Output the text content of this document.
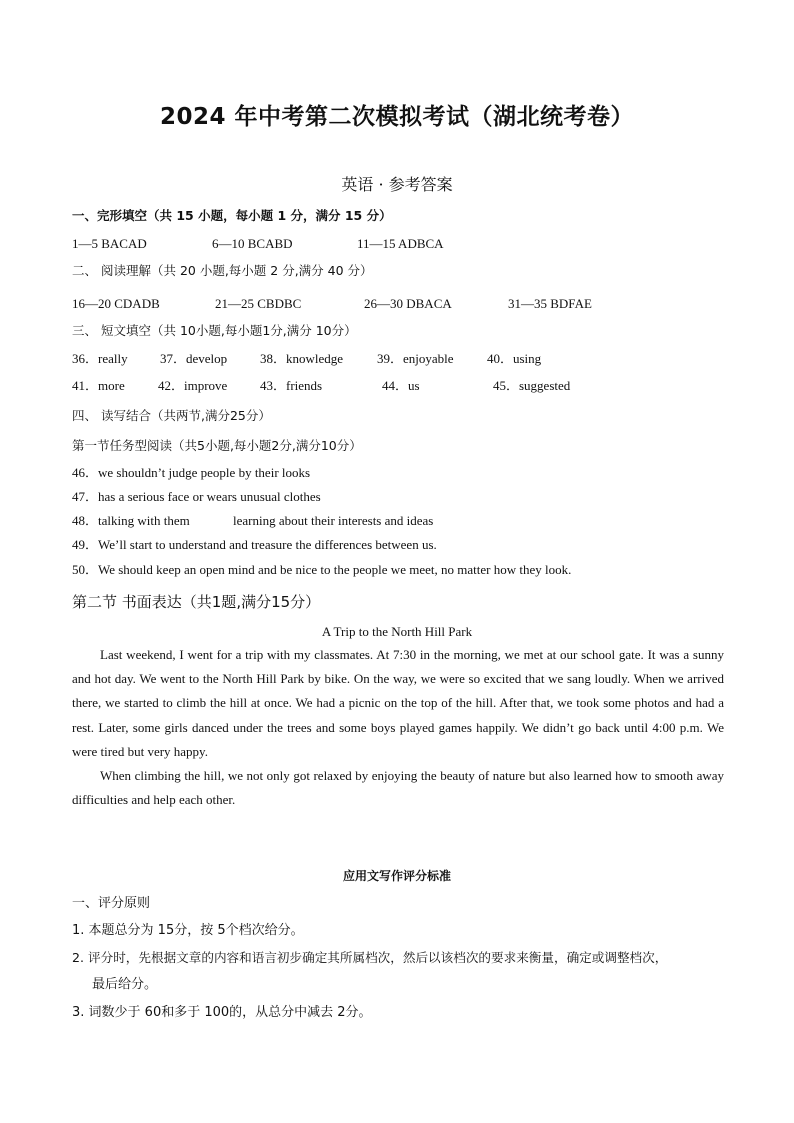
2024 年中考第二次模拟考试（湖北统考卷）
英语 · 参考答案
一、完形填空（共 15 小题，每小题 1 分，满分 15 分）
1—5 BACAD	6—10 BCABD	11—15 ADBCA
二、 阅读理解（共 20 小题,每小题 2 分,满分 40 分）
16—20 CDADB	21—25 CBDBC	26—30 DBACA	31—35 BDFAE
三、 短文填空（共 10小题,每小题1分,满分 10分）
36．really 37．develop	38．knowledge	39．enjoyable	40．using
41．more	42．improve	43．friends	44．us	45．suggested
四、 读写结合（共两节,满分25分）
第一节任务型阅读（共5小题,每小题2分,满分10分）
46．we shouldn’t judge people by their looks
47．has a serious face or wears unusual clothes
48．talking with them	learning about their interests and ideas
49．We’ll start to understand and treasure the differences between us.
50．We should keep an open mind and be nice to the people we meet, no matter how they look.
第二节 书面表达（共1题,满分15分）
A Trip to the North Hill Park

Last weekend, I went for a trip with my classmates. At 7:30 in the morning, we met at our school gate. It was a sunny and hot day. We went to the North Hill Park by bike. On the way, we were so excited that we sang loudly. When we arrived there, we started to climb the hill at once. We had a picnic on the top of the hill. After that, we took some photos and had a rest. Later, some girls danced under the trees and some boys played games happily. We didn’t go back until 4:00 p.m. We were tired but very happy.

When climbing the hill, we not only got relaxed by enjoying the beauty of nature but also learned how to smooth away difficulties and help each other.

应用文写作评分标准
一、评分原则
1. 本题总分为 15分，按 5个档次给分。
2. 评分时，先根据文章的内容和语言初步确定其所属档次，然后以该档次的要求来衡量，确定或调整档次，
最后给分。
3. 词数少于 60和多于 100的，从总分中减去 2分。
